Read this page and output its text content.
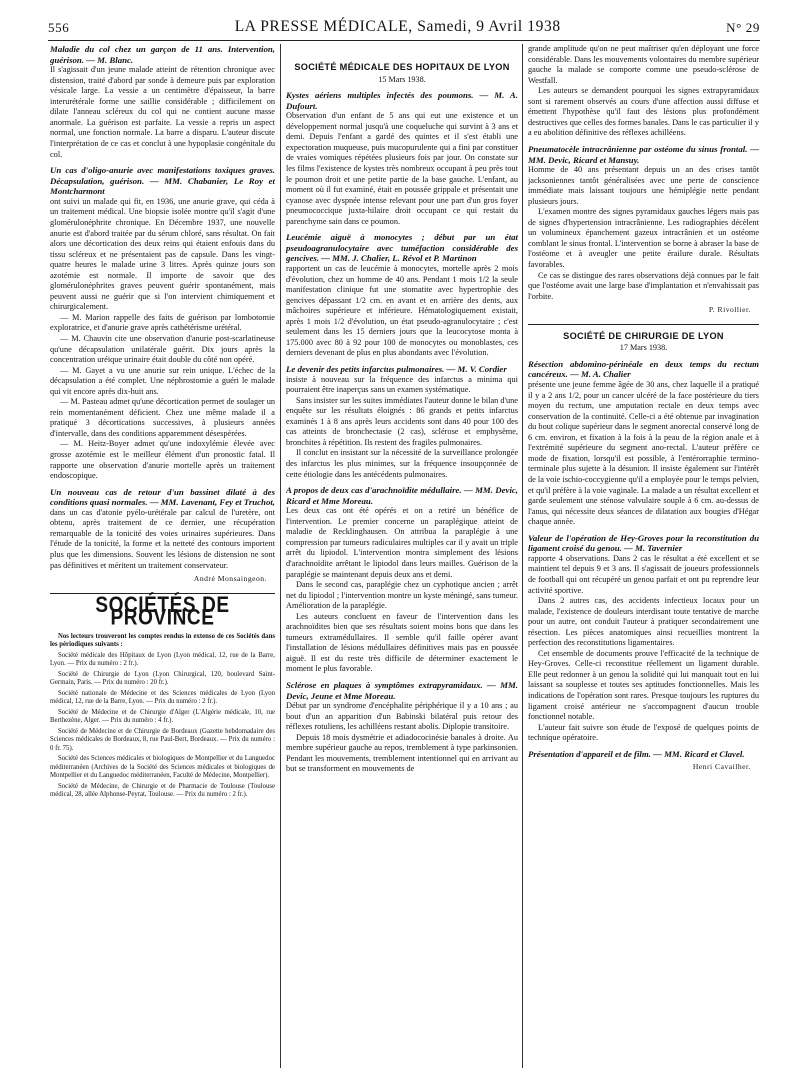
556	LA PRESSE MÉDICALE, Samedi, 9 Avril 1938	N° 29

Maladie du col chez un garçon de 11 ans. Intervention, guérison. — M. Blanc.

Il s'agissait d'un jeune malade atteint de rétention chronique avec distension, traité d'abord par sonde à demeure puis par exploration vésicale large. La vessie a un centimètre d'épaisseur, la barre interurétérale forme une saillie considérable ; difficilement on dilate l'anneau scléreux du col qui ne contient aucune masse anormale. La guérison est parfaite. La vessie a repris un aspect normal, une fonction normale. La barre a disparu. L'auteur discute l'interprétation de ce cas et conclut à une hypoplasie congénitale du col.

Un cas d'oligo-anurie avec manifestations toxiques graves. Décapsulation, guérison. — MM. Chabanier, Le Roy et Montcharmont

ont suivi un malade qui fit, en 1936, une anurie grave, qui céda à un traitement médical. Une biopsie isolée montre qu'il s'agit d'une glomérulonéphrite chronique. En Décembre 1937, une nouvelle anurie est d'abord traitée par du sérum chloré, sans résultat. On fait alors une décortication des deux reins qui étaient enfouis dans du tissu scléreux et ne présentaient pas de capsule. Dans les vingt-quatre heures le malade urine 3 litres. Après quinze jours son azotémie est normale. Il importe de savoir que des glomérulonéphrites graves peuvent guérir spontanément, mais peuvent aussi ne guérir que si l'on intervient chimiquement et chirurgicalement.

— M. Marion rappelle des faits de guérison par lombotomie exploratrice, et d'anurie grave après cathétérisme urétéral.

— M. Chauvin cite une observation d'anurie post-scarlatineuse qu'une décapsulation unilatérale guérit. Dix jours après la concentration uréique urinaire était double du côté non opéré.

— M. Gayet a vu une anurie sur rein unique. L'échec de la décapsulation a été complet. Une néphrostomie a guéri le malade qui vit encore après dix-huit ans.

— M. Pasteau admet qu'une décortication permet de soulager un rein momentanément déficient. Chez une même malade il a pratiqué 3 décortications successives, à plusieurs années d'intervalle, dans des conditions apparemment désespérées.

— M. Heitz-Boyer admet qu'une indoxylémie élevée avec grosse azotémie est le meilleur élément d'un pronostic fatal. Il rapporte une observation d'anurie mortelle après un traitement endoscopique.

Un nouveau cas de retour d'un bassinet dilaté à des conditions quasi normales. — MM. Lavenant, Fey et Truchot,

dans un cas d'atonie pyélo-urétérale par calcul de l'uretère, ont obtenu, après traitement de ce dernier, une récupération remarquable de la tonicité des voies urinaires supérieures. Dans l'étude de la tonicité, la forme et la netteté des contours importent plus que les dimensions. Souvent les lésions de distension ne sont pas définitives et méritent un traitement conservateur.

André Monsaingeon.
SOCIÉTÉS DE PROVINCE

Nos lecteurs trouveront les comptes rendus in extenso de ces Sociétés dans les périodiques suivants :

Société médicale des Hôpitaux de Lyon (Lyon médical, 12, rue de la Barre, Lyon. — Prix du numéro : 2 fr.).

Société de Chirurgie de Lyon (Lyon Chirurgical, 120, boulevard Saint-Germain, Paris. — Prix du numéro : 20 fr.).

Société nationale de Médecine et des Sciences médicales de Lyon (Lyon médical, 12, rue de la Barre, Lyon. — Prix du numéro : 2 fr.).

Société de Médecine et de Chirurgie d'Alger (L'Algérie médicale, 10, rue Berthezène, Alger. — Prix du numéro : 4 fr.).

Société de Médecine et de Chirurgie de Bordeaux (Gazette hebdomadaire des Sciences médicales de Bordeaux, 8, rue Paul-Bert, Bordeaux. — Prix du numéro : 0 fr. 75).

Société des Sciences médicales et biologiques de Montpellier et du Languedoc méditerranéen (Archives de la Société des Sciences médicales et biologiques de Montpellier et du Languedoc méditerranéen, Faculté de Médecine, Montpellier).

Société de Médecine, de Chirurgie et de Pharmacie de Toulouse (Toulouse médical, 28, allée Alphonse-Peyrat, Toulouse. — Prix du numéro : 2 fr.).

SOCIÉTÉ MÉDICALE DES HOPITAUX DE LYON
15 Mars 1938.

Kystes aériens multiples infectés des poumons. — M. A. Dufourt.

Observation d'un enfant de 5 ans qui eut une existence et un développement normal jusqu'à une coqueluche qui survint à 3 ans et demi. Depuis l'enfant a gardé des quintes et il s'est établi une expectoration muqueuse, puis mucopurulente qui a fini par constituer de vraies vomiques répétées plusieurs fois par jour. On constate sur les films l'existence de kystes très nombreux occupant à peu près tout le poumon droit et une petite partie de la base gauche. L'enfant, au moment où il fut examiné, était en poussée grippale et présentait une cyanose avec dyspnée intense relevant pour une part d'un gros foyer pneumococcique juxta-hilaire droit occupant ce qui restait du parenchyme sain dans ce poumon.

Leucémie aiguë à monocytes ; début par un état pseudoagranulocytaire avec tuméfaction considérable des gencives. — MM. J. Chalier, L. Révol et P. Martinon

rapportent un cas de leucémie à monocytes, mortelle après 2 mois d'évolution, chez un homme de 40 ans. Pendant 1 mois 1/2 la seule manifestation clinique fut une stomatite avec hypertrophie des gencives dépassant 1/2 cm. en avant et en arrière des dents, aux mâchoires supérieure et inférieure. Hématologiquement existait, après 1 mois 1/2 d'évolution, un état pseudo-agranulocytaire ; c'est seulement dans les 15 derniers jours que la leucocytose monta à 175.000 avec 80 à 92 pour 100 de monocytes ou monoblastes, ces derniers devenant de plus en plus abondants avec l'évolution.

Le devenir des petits infarctus pulmonaires. — M. V. Cordier

insiste à nouveau sur la fréquence des infarctus a minima qui pourraient être inaperçus sans un examen systématique.

Sans insister sur les suites immédiates l'auteur donne le bilan d'une enquête sur les résultats éloignés : 86 grands et petits infarctus examinés 1 à 8 ans après leurs accidents sont dans 40 pour 100 des cas atteints de bronchectasie (2 cas), sclérose et emphysème, bronchites à répétition. Ils restent des fragiles pulmonaires.

Il conclut en insistant sur la nécessité de la surveillance prolongée des infarctus les plus minimes, sur la fréquence insoupçonnée de cette étiologie dans les antécédents pulmonaires.

A propos de deux cas d'arachnoïdite médullaire. — MM. Devic, Ricard et Mme Moreau.

Les deux cas ont été opérés et on a retiré un bénéfice de l'intervention. Le premier concerne un paraplégique atteint de maladie de Recklinghausen. On attribua la paraplégie à une compression par tumeurs radiculaires multiples car il y avait un triple arrêt du lipiodol. L'intervention montra simplement des lésions d'arachnoïdite arrêtant le lipiodol dans leurs mailles. Guérison de la paraplégie se maintenant depuis deux ans et demi.

Dans le second cas, paraplégie chez un cyphotique ancien ; arrêt net du lipiodol ; l'intervention montre un kyste méningé, sans tumeur. Amélioration de la paraplégie.

Les auteurs concluent en faveur de l'intervention dans les arachnoïdites bien que ses résultats soient moins bons que dans les tumeurs extramédullaires. Il semble qu'il faille opérer avant l'installation de lésions médullaires définitives mais pas en poussée aiguë. Il est du reste très difficile de déterminer exactement le moment le plus favorable.

Sclérose en plaques à symptômes extrapyramidaux. — MM. Devic, Jeune et Mme Moreau.

Début par un syndrome d'encéphalite périphérique il y a 10 ans ; au bout d'un an apparition d'un Babinski bilatéral puis retour des réflexes rotuliens, les achilléens restant abolis. Diplopie transitoire.

Depuis 18 mois dysmétrie et adiadococinésie banales à droite. Au membre supérieur gauche au repos, tremblement à type parkinsonien. Pendant les mouvements, tremblement intentionnel qui en arrivant au but se transforment en mouvements de

grande amplitude qu'on ne peut maîtriser qu'en déployant une force considérable. Dans les mouvements volontaires du membre supérieur gauche la malade se comporte comme une pseudo-sclérose de Westfall.

Les auteurs se demandent pourquoi les signes extrapyramidaux sont si rarement observés au cours d'une affection aussi diffuse et émettent l'hypothèse qu'il faut des lésions plus profondément destructives que celles des formes banales. Dans le cas particulier il y a eu abolition définitive des réflexes achilléens.

Pneumatocèle intracrânienne par ostéome du sinus frontal. — MM. Devic, Ricard et Mansuy.

Homme de 40 ans présentant depuis un an des crises tantôt jacksoniennes tantôt généralisées avec une perte de conscience immédiate mais laissant toujours une hémiplégie nette pendant plusieurs jours.

L'examen montre des signes pyramidaux gauches légers mais pas de signes d'hypertension intracrânienne. Les radiographies décèlent un volumineux épanchement gazeux intracrânien et un ostéome comblant le sinus frontal. L'intervention se borne à abraser la base de l'ostéome et à aveugler une petite érailure durale. Résultats favorables.

Ce cas se distingue des rares observations déjà connues par le fait que l'ostéome avait une large base d'implantation et n'envahissait pas l'orbite.

P. Rivollier.
SOCIÉTÉ DE CHIRURGIE DE LYON
17 Mars 1938.

Résection abdomino-périnéale en deux temps du rectum cancéreux. — M. A. Chalier

présente une jeune femme âgée de 30 ans, chez laquelle il a pratiqué il y a 2 ans 1/2, pour un cancer ulcéré de la face postérieure du tiers moyen du rectum, une amputation rectale en deux temps avec conservation de la continuité. Celle-ci a été obtenue par invagination du bout colique supérieur dans le segment anorectal conservé long de 6 cm. environ, et fixation à la fois à la peau de la région anale et à l'extrémité supérieure du segment ano-rectal. L'auteur préfère ce mode de fixation, lorsqu'il est possible, à l'entérorraphie termino-terminale plus sujette à la désunion. Il insiste également sur l'intérêt de la voie ischio-coccygienne qu'il a employée pour le temps pelvien, et qu'il préfère à la voie vaginale. La malade a un résultat excellent et garde seulement une sténose valvulaire souple à 6 cm. au-dessus de l'anus, qui nécessite deux séances de dilatation aux bougies d'Hégar chaque année.

Valeur de l'opération de Hey-Groves pour la reconstitution du ligament croisé du genou. — M. Tavernier

rapporte 4 observations. Dans 2 cas le résultat a été excellent et se maintient tel depuis 9 et 3 ans. Il s'agissait de joueurs professionnels de football qui ont récupéré un genou parfait et ont pu reprendre leur activité sportive.

Dans 2 autres cas, des accidents infectieux locaux pour un malade, l'existence de douleurs interdisant toute tentative de marche pour un autre, ont conduit l'auteur à pratiquer secondairement une résection. Les pièces anatomiques ainsi recueillies montrent la perfection des reconstitutions ligamentaires.

Cet ensemble de documents prouve l'efficacité de la technique de Hey-Groves. Celle-ci reconstitue réellement un ligament durable. Elle peut redonner à un genou la solidité qui lui manquait tout en lui laissant sa souplesse et toutes ses aptitudes fonctionnelles. Mais les indications de l'opération sont rares. Presque toujours les ruptures du ligament croisé antérieur ne s'accompagnent d'aucun trouble fonctionnel notable.

L'auteur fait suivre son étude de l'exposé de quelques points de technique opératoire.

Présentation d'appareil et de film. — MM. Ricard et Clavel.

Henri Cavailher.
